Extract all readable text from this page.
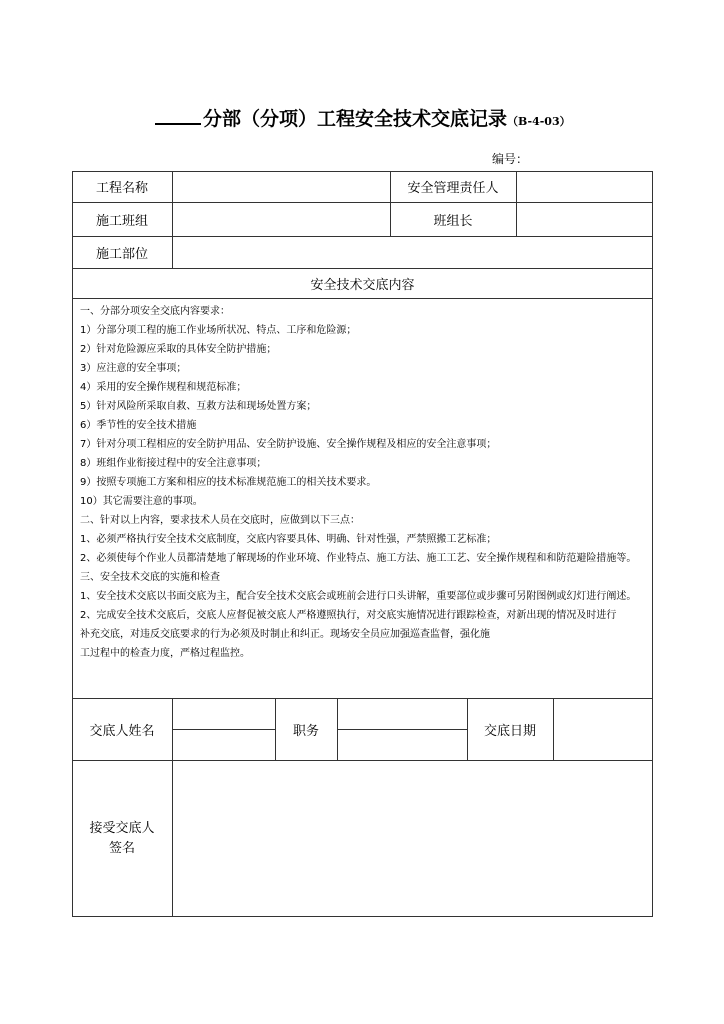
分部（分项）工程安全技术交底记录（B-4-03）
编号：
工程名称	安全管理责任人
施工班组	班组长
施工部位
安全技术交底内容
一、分部分项安全交底内容要求：
1）分部分项工程的施工作业场所状况、特点、工序和危险源；
2）针对危险源应采取的具体安全防护措施；
3）应注意的安全事项；
4）采用的安全操作规程和规范标准；
5）针对风险所采取自救、互救方法和现场处置方案；
6）季节性的安全技术措施
7）针对分项工程相应的安全防护用品、安全防护设施、安全操作规程及相应的安全注意事项；
8）班组作业衔接过程中的安全注意事项；
9）按照专项施工方案和相应的技术标准规范施工的相关技术要求。
10）其它需要注意的事项。
二、针对以上内容，要求技术人员在交底时，应做到以下三点：
1、必须严格执行安全技术交底制度，交底内容要具体、明确、针对性强，严禁照搬工艺标准；
2、必须使每个作业人员都清楚地了解现场的作业环境、作业特点、施工方法、施工工艺、安全操作规程和和防范避险措施等。
三、安全技术交底的实施和检查
1、安全技术交底以书面交底为主，配合安全技术交底会或班前会进行口头讲解，重要部位或步骤可另附图例或幻灯进行阐述。
2、完成安全技术交底后，交底人应督促被交底人严格遵照执行，对交底实施情况进行跟踪检查，对新出现的情况及时进行补充交底，对违反交底要求的行为必须及时制止和纠正。现场安全员应加强巡查监督，强化施
工过程中的检查力度，严格过程监控。
交底人姓名	职务	交底日期
接受交底人
签名
